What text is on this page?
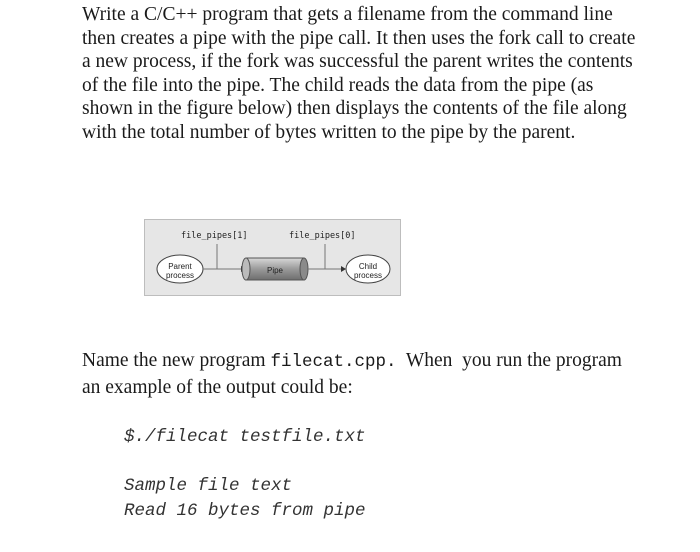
Write a C/C++ program that gets a filename from the command line then creates a pipe with the pipe call. It then uses the fork call to create a new process, if the fork was successful the parent writes the contents of the file into the pipe. The child reads the data from the pipe (as shown in the figure below) then displays the contents of the file along with the total number of bytes written to the pipe by the parent.

file_pipes[1]	file_pipes[0]
Parent
process
Pipe	Child
process

Name the new program filecat.cpp.  When  you run the program an example of the output could be:

$./filecat testfile.txt
Sample file text
Read 16 bytes from pipe
